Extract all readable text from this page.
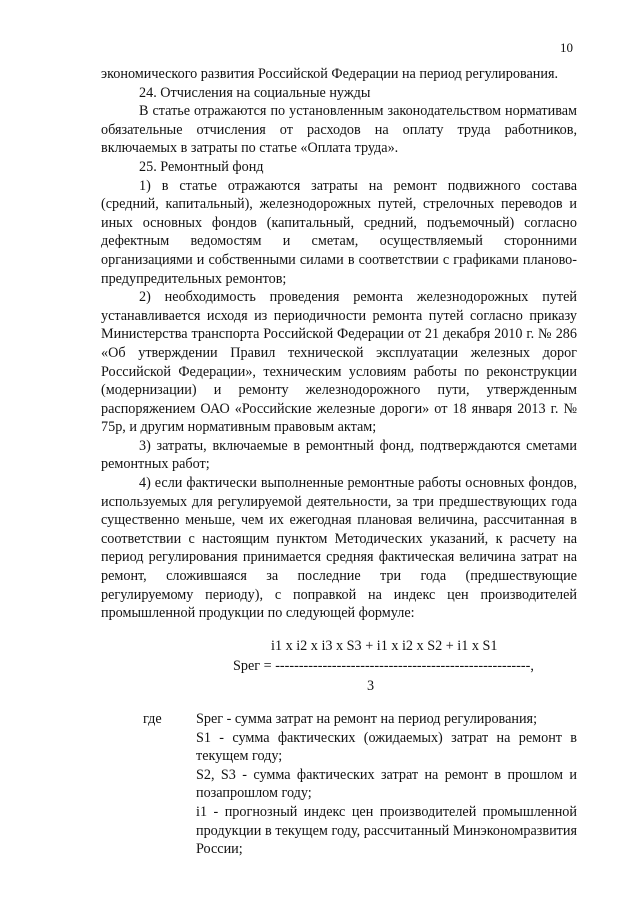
10

экономического развития Российской Федерации на период регулирования.

24. Отчисления на социальные нужды

В статье отражаются по установленным законодательством нормативам обязательные отчисления от расходов на оплату труда работников, включаемых в затраты по статье «Оплата труда».

25. Ремонтный фонд

1) в статье отражаются затраты на ремонт подвижного состава (средний, капитальный), железнодорожных путей, стрелочных переводов и иных основных фондов (капитальный, средний, подъемочный) согласно дефектным ведомостям и сметам, осуществляемый сторонними организациями и собственными силами в соответствии с графиками планово-предупредительных ремонтов;

2) необходимость проведения ремонта железнодорожных путей устанавливается исходя из периодичности ремонта путей согласно приказу Министерства транспорта Российской Федерации от 21 декабря 2010 г. № 286 «Об утверждении Правил технической эксплуатации железных дорог Российской Федерации», техническим условиям работы по реконструкции (модернизации) и ремонту железнодорожного пути, утвержденным распоряжением ОАО «Российские железные дороги» от 18 января 2013 г. № 75р, и другим нормативным правовым актам;

3) затраты, включаемые в ремонтный фонд, подтверждаются сметами ремонтных работ;

4) если фактически выполненные ремонтные работы основных фондов, используемых для регулируемой деятельности, за три предшествующих года существенно меньше, чем их ежегодная плановая величина, рассчитанная в соответствии с настоящим пунктом Методических указаний, к расчету на период регулирования принимается средняя фактическая величина затрат на ремонт, сложившаяся за последние три года (предшествующие регулируемому периоду), с поправкой на индекс цен производителей промышленной продукции по следующей формуле:

i1 x i2 x i3 x S3 + i1 x i2 x S2 + i1 x S1
Sрег = ------------------------------------------------------,
3
где Sрег - сумма затрат на ремонт на период регулирования;

S1 - сумма фактических (ожидаемых) затрат на ремонт в текущем году;

S2, S3 - сумма фактических затрат на ремонт в прошлом и позапрошлом году;

i1 - прогнозный индекс цен производителей промышленной продукции в текущем году, рассчитанный Минэкономразвития России;
